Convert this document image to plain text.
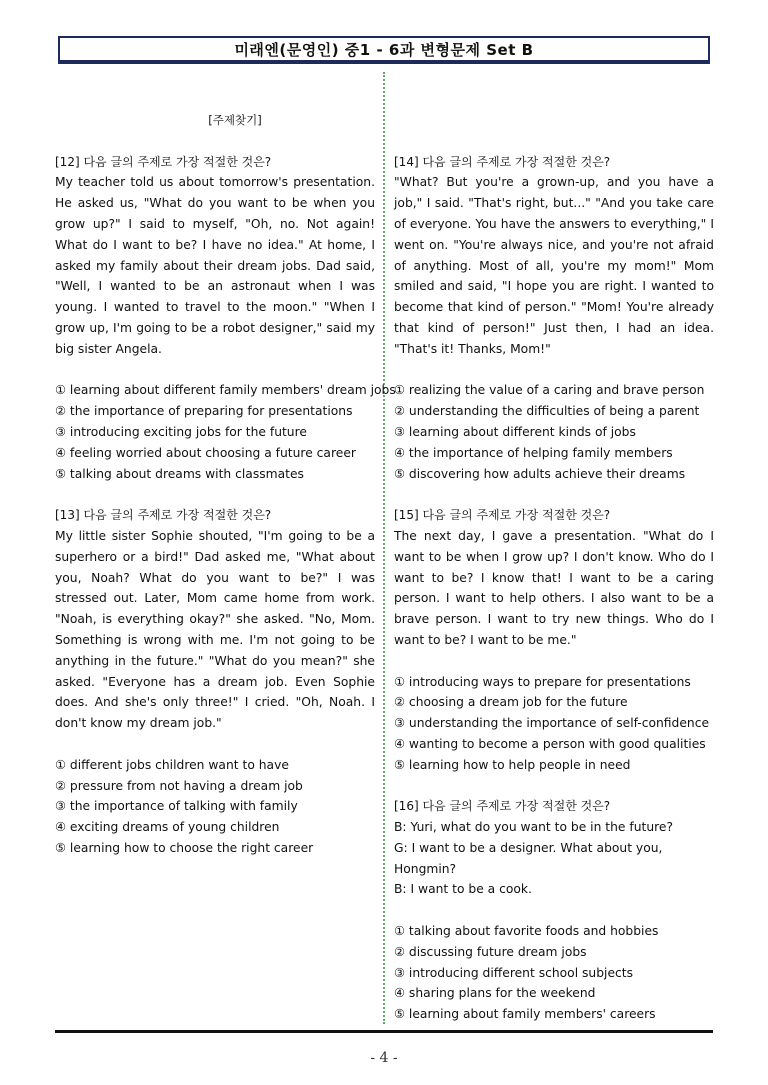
미래엔(문영인) 중1 - 6과 변형문제 Set B
[주제찾기]
[12] 다음 글의 주제로 가장 적절한 것은?
My teacher told us about tomorrow's presentation. He asked us, "What do you want to be when you grow up?" I said to myself, "Oh, no. Not again! What do I want to be? I have no idea." At home, I asked my family about their dream jobs. Dad said, "Well, I wanted to be an astronaut when I was young. I wanted to travel to the moon." "When I grow up, I'm going to be a robot designer," said my big sister Angela.
① learning about different family members' dream jobs
② the importance of preparing for presentations
③ introducing exciting jobs for the future
④ feeling worried about choosing a future career
⑤ talking about dreams with classmates
[13] 다음 글의 주제로 가장 적절한 것은?
My little sister Sophie shouted, "I'm going to be a superhero or a bird!" Dad asked me, "What about you, Noah? What do you want to be?" I was stressed out. Later, Mom came home from work. "Noah, is everything okay?" she asked. "No, Mom. Something is wrong with me. I'm not going to be anything in the future." "What do you mean?" she asked. "Everyone has a dream job. Even Sophie does. And she's only three!" I cried. "Oh, Noah. I don't know my dream job."
① different jobs children want to have
② pressure from not having a dream job
③ the importance of talking with family
④ exciting dreams of young children
⑤ learning how to choose the right career
[14] 다음 글의 주제로 가장 적절한 것은?
"What? But you're a grown-up, and you have a job," I said. "That's right, but..." "And you take care of everyone. You have the answers to everything," I went on. "You're always nice, and you're not afraid of anything. Most of all, you're my mom!" Mom smiled and said, "I hope you are right. I wanted to become that kind of person." "Mom! You're already that kind of person!" Just then, I had an idea. "That's it! Thanks, Mom!"
① realizing the value of a caring and brave person
② understanding the difficulties of being a parent
③ learning about different kinds of jobs
④ the importance of helping family members
⑤ discovering how adults achieve their dreams
[15] 다음 글의 주제로 가장 적절한 것은?
The next day, I gave a presentation. "What do I want to be when I grow up? I don't know. Who do I want to be? I know that! I want to be a caring person. I want to help others. I also want to be a brave person. I want to try new things. Who do I want to be? I want to be me."
① introducing ways to prepare for presentations
② choosing a dream job for the future
③ understanding the importance of self-confidence
④ wanting to become a person with good qualities
⑤ learning how to help people in need
[16] 다음 글의 주제로 가장 적절한 것은?
B: Yuri, what do you want to be in the future?
G: I want to be a designer. What about you, Hongmin?
B: I want to be a cook.
① talking about favorite foods and hobbies
② discussing future dream jobs
③ introducing different school subjects
④ sharing plans for the weekend
⑤ learning about family members' careers
- 4 -
